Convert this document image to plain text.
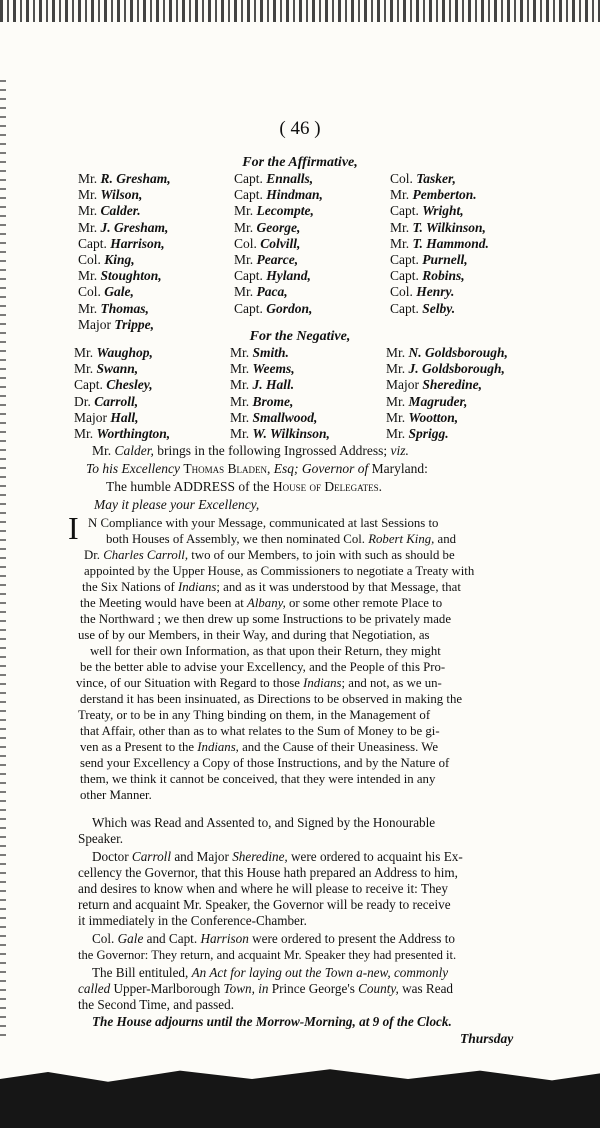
( 46 )
For the Affirmative,
Mr. R. Gresham,
Mr. Wilson,
Mr. Calder.
Mr. J. Gresham,
Capt. Harrison,
Col. King,
Mr. Stoughton,
Col. Gale,
Mr. Thomas,
Major Trippe,
Capt. Ennalls,
Capt. Hindman,
Mr. Lecompte,
Mr. George,
Col. Colvill,
Mr. Pearce,
Capt. Hyland,
Mr. Paca,
Capt. Gordon,
Col. Tasker,
Mr. Pemberton.
Capt. Wright,
Mr. T. Wilkinson,
Mr. T. Hammond.
Capt. Purnell,
Capt. Robins,
Col. Henry.
Capt. Selby.
For the Negative,
Mr. Waughop,
Mr. Swann,
Capt. Chesley,
Dr. Carroll,
Major Hall,
Mr. Worthington,
Mr. Smith.
Mr. Weems,
Mr. J. Hall.
Mr. Brome,
Mr. Smallwood,
Mr. W. Wilkinson,
Mr. N. Goldsborough,
Mr. J. Goldsborough,
Major Sheredine,
Mr. Magruder,
Mr. Wootton,
Mr. Sprigg.
Mr. Calder, brings in the following Ingrossed Address; viz.
To his Excellency Thomas Bladen, Esq; Governor of Maryland:
The humble ADDRESS of the House of Delegates.
May it please your Excellency,
I N Compliance with your Message, communicated at last Sessions to
both Houses of Assembly, we then nominated Col. Robert King, and
Dr. Charles Carroll, two of our Members, to join with such as should be
appointed by the Upper House, as Commissioners to negotiate a Treaty with
the Six Nations of Indians; and as it was understood by that Message, that
the Meeting would have been at Albany, or some other remote Place to
the Northward ; we then drew up some Instructions to be privately made
use of by our Members, in their Way, and during that Negotiation, as
well for their own Information, as that upon their Return, they might
be the better able to advise your Excellency, and the People of this Pro-
vince, of our Situation with Regard to those Indians; and not, as we un-
derstand it has been insinuated, as Directions to be observed in making the
Treaty, or to be in any Thing binding on them, in the Management of
that Affair, other than as to what relates to the Sum of Money to be gi-
ven as a Present to the Indians, and the Cause of their Uneasiness. We
send your Excellency a Copy of those Instructions, and by the Nature of
them, we think it cannot be conceived, that they were intended in any
other Manner.
Which was Read and Assented to, and Signed by the Honourable
Speaker.
Doctor Carroll and Major Sheredine, were ordered to acquaint his Ex-
cellency the Governor, that this House hath prepared an Address to him,
and desires to know when and where he will please to receive it: They
return and acquaint Mr. Speaker, the Governor will be ready to receive
it immediately in the Conference-Chamber.
Col. Gale and Capt. Harrison were ordered to present the Address to
the Governor: They return, and acquaint Mr. Speaker they had presented it.
The Bill entituled, An Act for laying out the Town a-new, commonly
called Upper-Marlborough Town, in Prince George's County, was Read
the Second Time, and passed.
The House adjourns until the Morrow-Morning, at 9 of the Clock.
Thursday
